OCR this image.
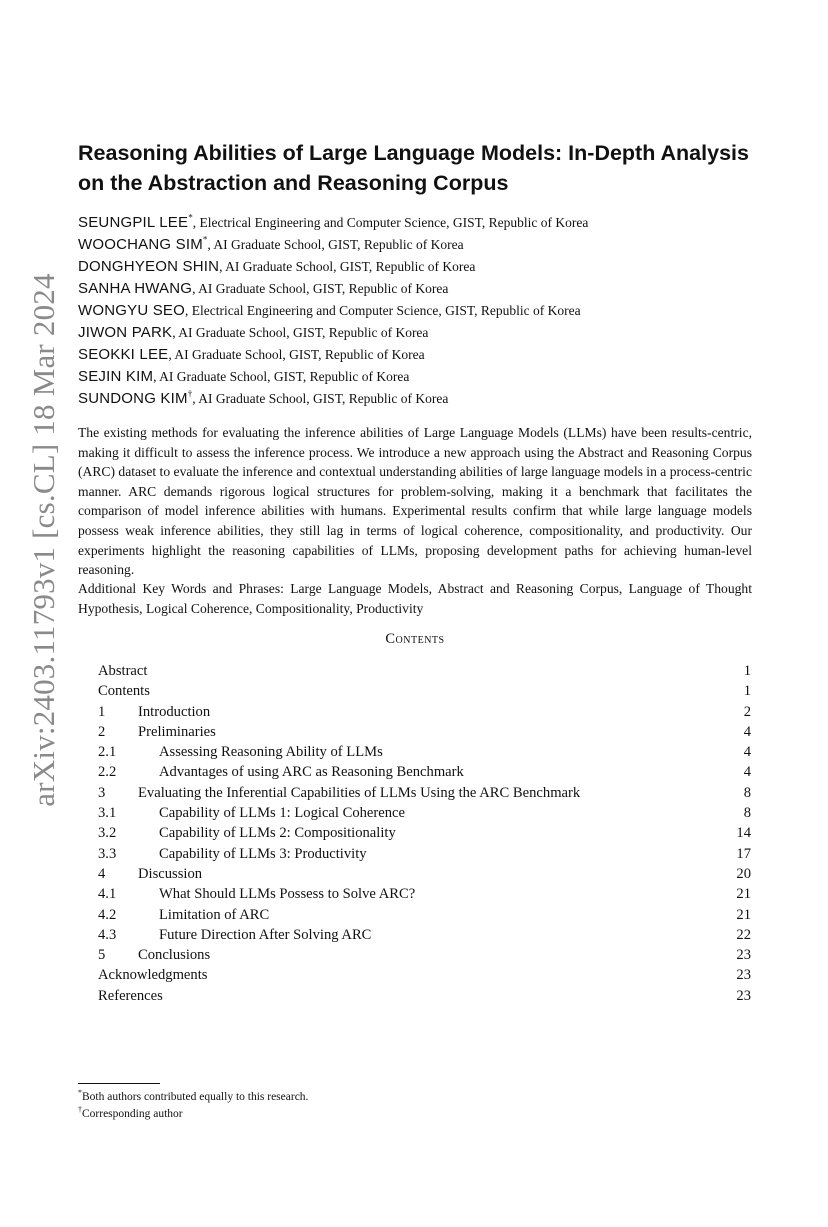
arXiv:2403.11793v1 [cs.CL] 18 Mar 2024
Reasoning Abilities of Large Language Models: In-Depth Analysis on the Abstraction and Reasoning Corpus
SEUNGPIL LEE*, Electrical Engineering and Computer Science, GIST, Republic of Korea
WOOCHANG SIM*, AI Graduate School, GIST, Republic of Korea
DONGHYEON SHIN, AI Graduate School, GIST, Republic of Korea
SANHA HWANG, AI Graduate School, GIST, Republic of Korea
WONGYU SEO, Electrical Engineering and Computer Science, GIST, Republic of Korea
JIWON PARK, AI Graduate School, GIST, Republic of Korea
SEOKKI LEE, AI Graduate School, GIST, Republic of Korea
SEJIN KIM, AI Graduate School, GIST, Republic of Korea
SUNDONG KIM†, AI Graduate School, GIST, Republic of Korea

The existing methods for evaluating the inference abilities of Large Language Models (LLMs) have been results-centric, making it difficult to assess the inference process. We introduce a new approach using the Abstract and Reasoning Corpus (ARC) dataset to evaluate the inference and contextual understanding abilities of large language models in a process-centric manner. ARC demands rigorous logical structures for problem-solving, making it a benchmark that facilitates the comparison of model inference abilities with humans. Experimental results confirm that while large language models possess weak inference abilities, they still lag in terms of logical coherence, compositionality, and productivity. Our experiments highlight the reasoning capabilities of LLMs, proposing development paths for achieving human-level reasoning.

Additional Key Words and Phrases: Large Language Models, Abstract and Reasoning Corpus, Language of Thought Hypothesis, Logical Coherence, Compositionality, Productivity

Contents
Abstract	1
Contents	1
1 Introduction	2
2 Preliminaries	4
2.1	Assessing Reasoning Ability of LLMs	4
2.2	Advantages of using ARC as Reasoning Benchmark	4
3 Evaluating the Inferential Capabilities of LLMs Using the ARC Benchmark	8
3.1	Capability of LLMs 1: Logical Coherence	8
3.2	Capability of LLMs 2: Compositionality	14
3.3	Capability of LLMs 3: Productivity	17
4 Discussion	20
4.1	What Should LLMs Possess to Solve ARC?	21
4.2	Limitation of ARC	21
4.3	Future Direction After Solving ARC	22
5 Conclusions	23
Acknowledgments	23
References	23
*Both authors contributed equally to this research.
†Corresponding author
